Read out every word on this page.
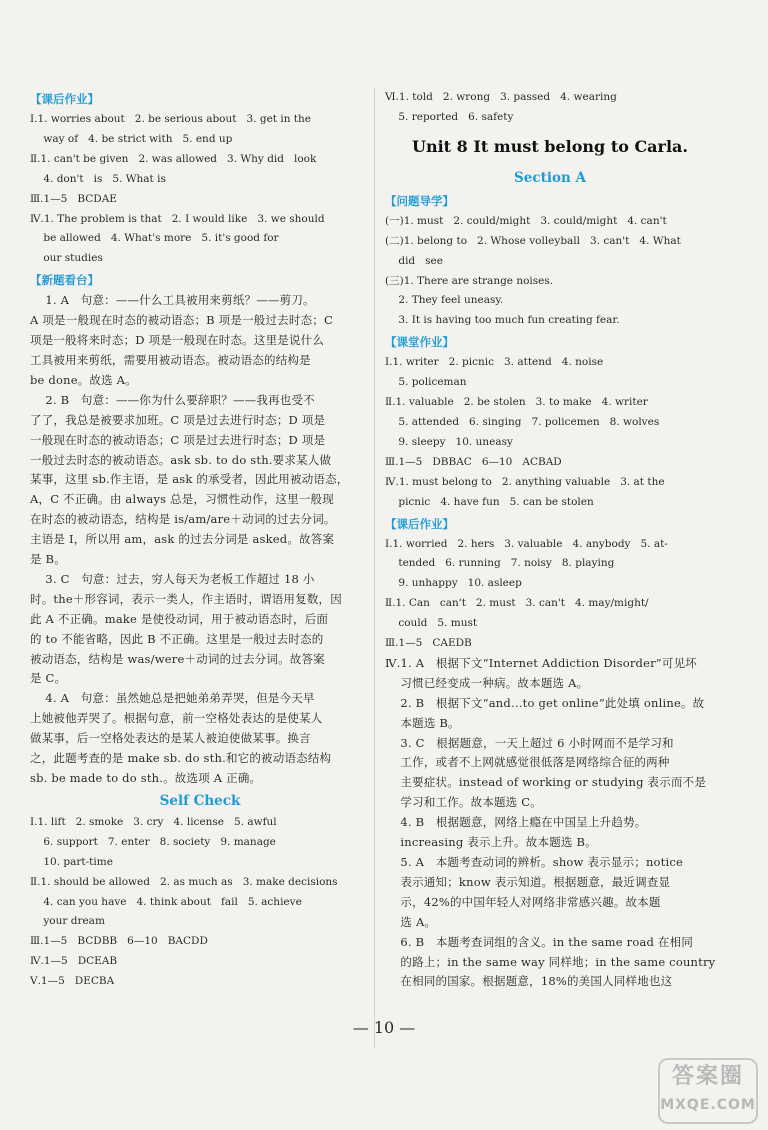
【课后作业】

Ⅰ.1. worries about   2. be serious about   3. get in the
way of   4. be strict with   5. end up
Ⅱ.1. can't be given   2. was allowed   3. Why did   look
4. don't   is   5. What is
Ⅲ.1—5   BCDAE
Ⅳ.1. The problem is that   2. I would like   3. we should
be allowed   4. What's more   5. it's good for
our studies
【新题看台】

1. A   句意：——什么工具被用来剪纸？——剪刀。
A 项是一般现在时态的被动语态；B 项是一般过去时态；C
项是一般将来时态；D 项是一般现在时态。这里是说什么
工具被用来剪纸，需要用被动语态。被动语态的结构是
be done。故选 A。
2. B   句意：——你为什么要辞职？——我再也受不
了了，我总是被要求加班。C 项是过去进行时态；D 项是
一般现在时态的被动语态；C 项是过去进行时态；D 项是
一般过去时态的被动语态。ask sb. to do sth.要求某人做
某事，这里 sb.作主语，是 ask 的承受者，因此用被动语态，
A，C 不正确。由 always 总是，习惯性动作，这里一般现
在时态的被动语态，结构是 is/am/are＋动词的过去分词。
主语是 I，所以用 am，ask 的过去分词是 asked。故答案
是 B。
3. C   句意：过去，穷人每天为老板工作超过 18 小
时。the＋形容词，表示一类人，作主语时，谓语用复数，因
此 A 不正确。make 是使役动词，用于被动语态时，后面
的 to 不能省略，因此 B 不正确。这里是一般过去时态的
被动语态，结构是 was/were＋动词的过去分词。故答案
是 C。
4. A   句意：虽然她总是把她弟弟弄哭，但是今天早
上她被他弄哭了。根据句意，前一空格处表达的是使某人
做某事，后一空格处表达的是某人被迫使做某事。换言
之，此题考查的是 make sb. do sth.和它的被动语态结构
sb. be made to do sth.。故选项 A 正确。
Self Check
Ⅰ.1. lift   2. smoke   3. cry   4. license   5. awful
6. support   7. enter   8. society   9. manage
10. part-time
Ⅱ.1. should be allowed   2. as much as   3. make decisions
4. can you have   4. think about   fail   5. achieve
your dream
Ⅲ.1—5   BCDBB   6—10   BACDD
Ⅳ.1—5   DCEAB
Ⅴ.1—5   DECBA
Ⅵ.1. told   2. wrong   3. passed   4. wearing
5. reported   6. safety
Unit 8 It must belong to Carla.
Section A
【问题导学】

(一)1. must   2. could/might   3. could/might   4. can't
(二)1. belong to   2. Whose volleyball   3. can't   4. What
did   see
(三)1. There are strange noises.
2. They feel uneasy.
3. It is having too much fun creating fear.
【课堂作业】

Ⅰ.1. writer   2. picnic   3. attend   4. noise
5. policeman
Ⅱ.1. valuable   2. be stolen   3. to make   4. writer
5. attended   6. singing   7. policemen   8. wolves
9. sleepy   10. uneasy
Ⅲ.1—5   DBBAC   6—10   ACBAD
Ⅳ.1. must belong to   2. anything valuable   3. at the
picnic   4. have fun   5. can be stolen
【课后作业】

Ⅰ.1. worried   2. hers   3. valuable   4. anybody   5. at-
tended   6. running   7. noisy   8. playing
9. unhappy   10. asleep
Ⅱ.1. Can   can't   2. must   3. can't   4. may/might/
could   5. must
Ⅲ.1—5   CAEDB
Ⅳ.1. A   根据下文“Internet Addiction Disorder”可见坏
习惯已经变成一种病。故本题选 A。
2. B   根据下文“and…to get online”此处填 online。故
本题选 B。
3. C   根据题意，一天上超过 6 小时网而不是学习和
工作，或者不上网就感觉很低落是网络综合征的两种
主要症状。instead of working or studying 表示而不是
学习和工作。故本题选 C。
4. B   根据题意，网络上瘾在中国呈上升趋势。
increasing 表示上升。故本题选 B。
5. A   本题考查动词的辨析。show 表示显示；notice
表示通知；know 表示知道。根据题意，最近调查显
示，42%的中国年轻人对网络非常感兴趣。故本题
选 A。
6. B   本题考查词组的含义。in the same road 在相同
的路上；in the same way 同样地；in the same country
在相同的国家。根据题意，18%的美国人同样地也这
— 10 —
答案圈
MXQE.COM
